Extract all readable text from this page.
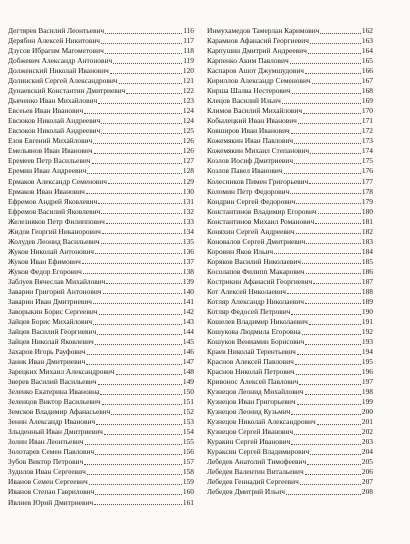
Дегтярев Василий Леонтьевич	116
Дерябин Алексей Никитович	117
Дзусов Ибрагим Магометович	118
Добжевич Александр Антонович	119
Долженский Николай Иванович	120
Долинский Сергей Александрович	121
Дунаевский Константин Дмитриевич	122
Дьяченко Иван Михайлович	123
Евсеьев Иван Иванович	124
Евсюков Николай Андреевич	124
Евсюков Николай Андреевич	125
Езов Евгений Михайлович	126
Емельянов Иван Иванович	126
Еремеев Петр Васильевич	127
Еремин Иван Андреевич	128
Ермаков Александр Семенович	129
Ермаков Иван Иванович	130
Ефремов Андрей Яковлевич	131
Ефремов Василий Яковлевич	132
Железняков Петр Филиппович	133
Жидов Георгий Никанорович	134
Жолудев Леонид Васильевич	135
Жуков Николай Антонович	136
Жуков Иван Ефимович	137
Жуков Федор Егорович	138
Заблуев Вячеслав Михайлович	139
Заварин Григорий Антонович	140
Заварин Иван Дмитриевич	141
Заворыкин Борис Сергеевич	142
Зайцев Борис Михайлович	143
Зайцев Василий Георгиевич	144
Зайцев Николай Яковлевич	145
Захаров Игорь Рауфович	146
Заник Иван Дмитриевич	147
Зарецких Михаил Александрович	148
Зверев Василий Васильевич	149
Зеленко Екатерина Ивановна	150
Зеленцов Виктор Васильевич	151
Земсков Владимир Афанасьевич	152
Зенин Александр Иванович	153
Злыденный Иван Дмитриевич	154
Золин Иван Леонтьевич	155
Золотарев Семен Павлович	156
Зубов Виктор Петрович	157
Зудилов Иван Сергеевич	158
Иванов Семен Сергеевич	159
Иванов Степан Гаврилович	160
Ивлиев Юрий Дмитриевич	161
Инмухамедов Тамерлан Каримович	162
Карамнов Афанасий Георгиевич	163
Карпушин Дмитрий Андреевич	164
Карпенко Аким Павлович	165
Каспаров Ашот Джумшудович	166
Кириллов Александр Семенович	167
Кирша Шалва Нестерович	168
Клецов Василий Ильич	169
Климов Василий Михайлович	170
Кобылецкий Иван Иванович	171
Ковширов Иван Иванович	172
Кожемякин Иван Павлович	173
Кожемякин Михаил Степанович	174
Козлов Иосиф Дмитриевич	175
Козлов Павел Иванович	176
Колесников Пимен Григорьевич	177
Коломин Петр Федорович	178
Кондрин Сергей Федорович	179
Константинов Владимир Егорович	180
Константинов Михаил Романович	181
Коняхин Сергей Андреевич	182
Коновалов Сергей Дмитриевич	183
Коровин Яков Ильич	184
Коряков Василий Николаевич	185
Косолапов Филипп Макарович	186
Кострикин Афанасий Георгиевич	187
Кот Алексей Николаевич	188
Котляр Александр Николаевич	189
Котляр Федосей Петрович	190
Кошелев Владимир Николаевич	191
Кошукова Людмила Егоровна	192
Кошуков Вениамин Борисович	193
Краев Николай Терентьевич	194
Краснов Алексей Павлович	195
Краснов Николай Петрович	196
Кривонос Алексей Павлович	197
Кузнецов Леонид Михайлович	198
Кузнецов Иван Григорьевич	199
Кузнецов Леонид Кузьмич	200
Кузнецов Николай Александрович	201
Кузнецов Сергей Иванович	202
Куракин Сергей Иванович	203
Кураксин Сергей Владимирович	204
Лебедев Анатолий Тимофеевич	205
Лебедев Валентин Витальевич	206
Лебедев Геннадий Сергеевич	207
Лебедев Дмитрий Ильич	208
